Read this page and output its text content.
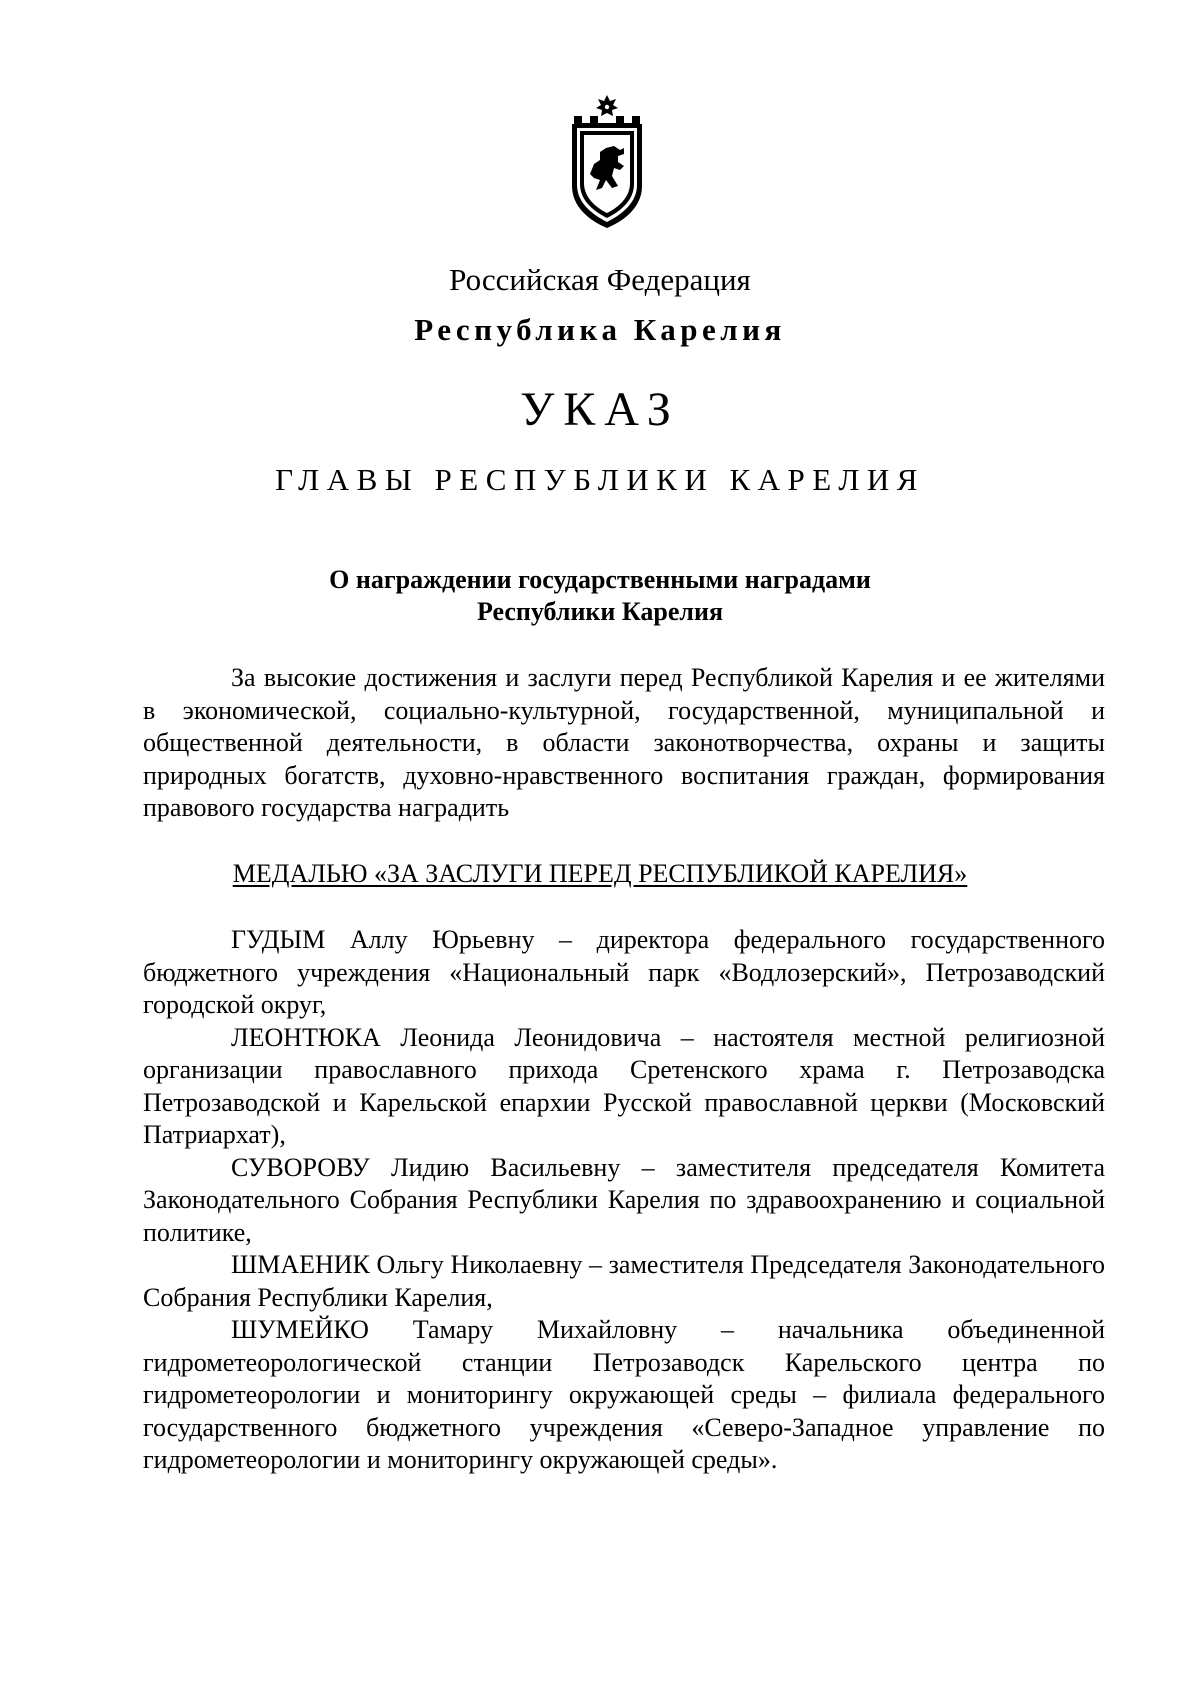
Российская Федерация
Республика Карелия
УКАЗ
ГЛАВЫ РЕСПУБЛИКИ КАРЕЛИЯ
О награждении государственными наградами
Республики Карелия

За высокие достижения и заслуги перед Республикой Карелия и ее жителями в экономической, социально-культурной, государственной, муниципальной и общественной деятельности, в области законотворчества, охраны и защиты природных богатств, духовно-нравственного воспитания граждан, формирования правового государства наградить

МЕДАЛЬЮ «ЗА ЗАСЛУГИ ПЕРЕД РЕСПУБЛИКОЙ КАРЕЛИЯ»

ГУДЫМ Аллу Юрьевну – директора федерального государственного бюджетного учреждения «Национальный парк «Водлозерский», Петрозаводский городской округ,

ЛЕОНТЮКА Леонида Леонидовича – настоятеля местной религиозной организации православного прихода Сретенского храма г. Петрозаводска Петрозаводской и Карельской епархии Русской православной церкви (Московский Патриархат),

СУВОРОВУ Лидию Васильевну – заместителя председателя Комитета Законодательного Собрания Республики Карелия по здравоохранению и социальной политике,

ШМАЕНИК Ольгу Николаевну – заместителя Председателя Законодательного Собрания Республики Карелия,

ШУМЕЙКО Тамару Михайловну – начальника объединенной гидрометеорологической станции Петрозаводск Карельского центра по гидрометеорологии и мониторингу окружающей среды – филиала федерального государственного бюджетного учреждения «Северо-Западное управление по гидрометеорологии и мониторингу окружающей среды».
